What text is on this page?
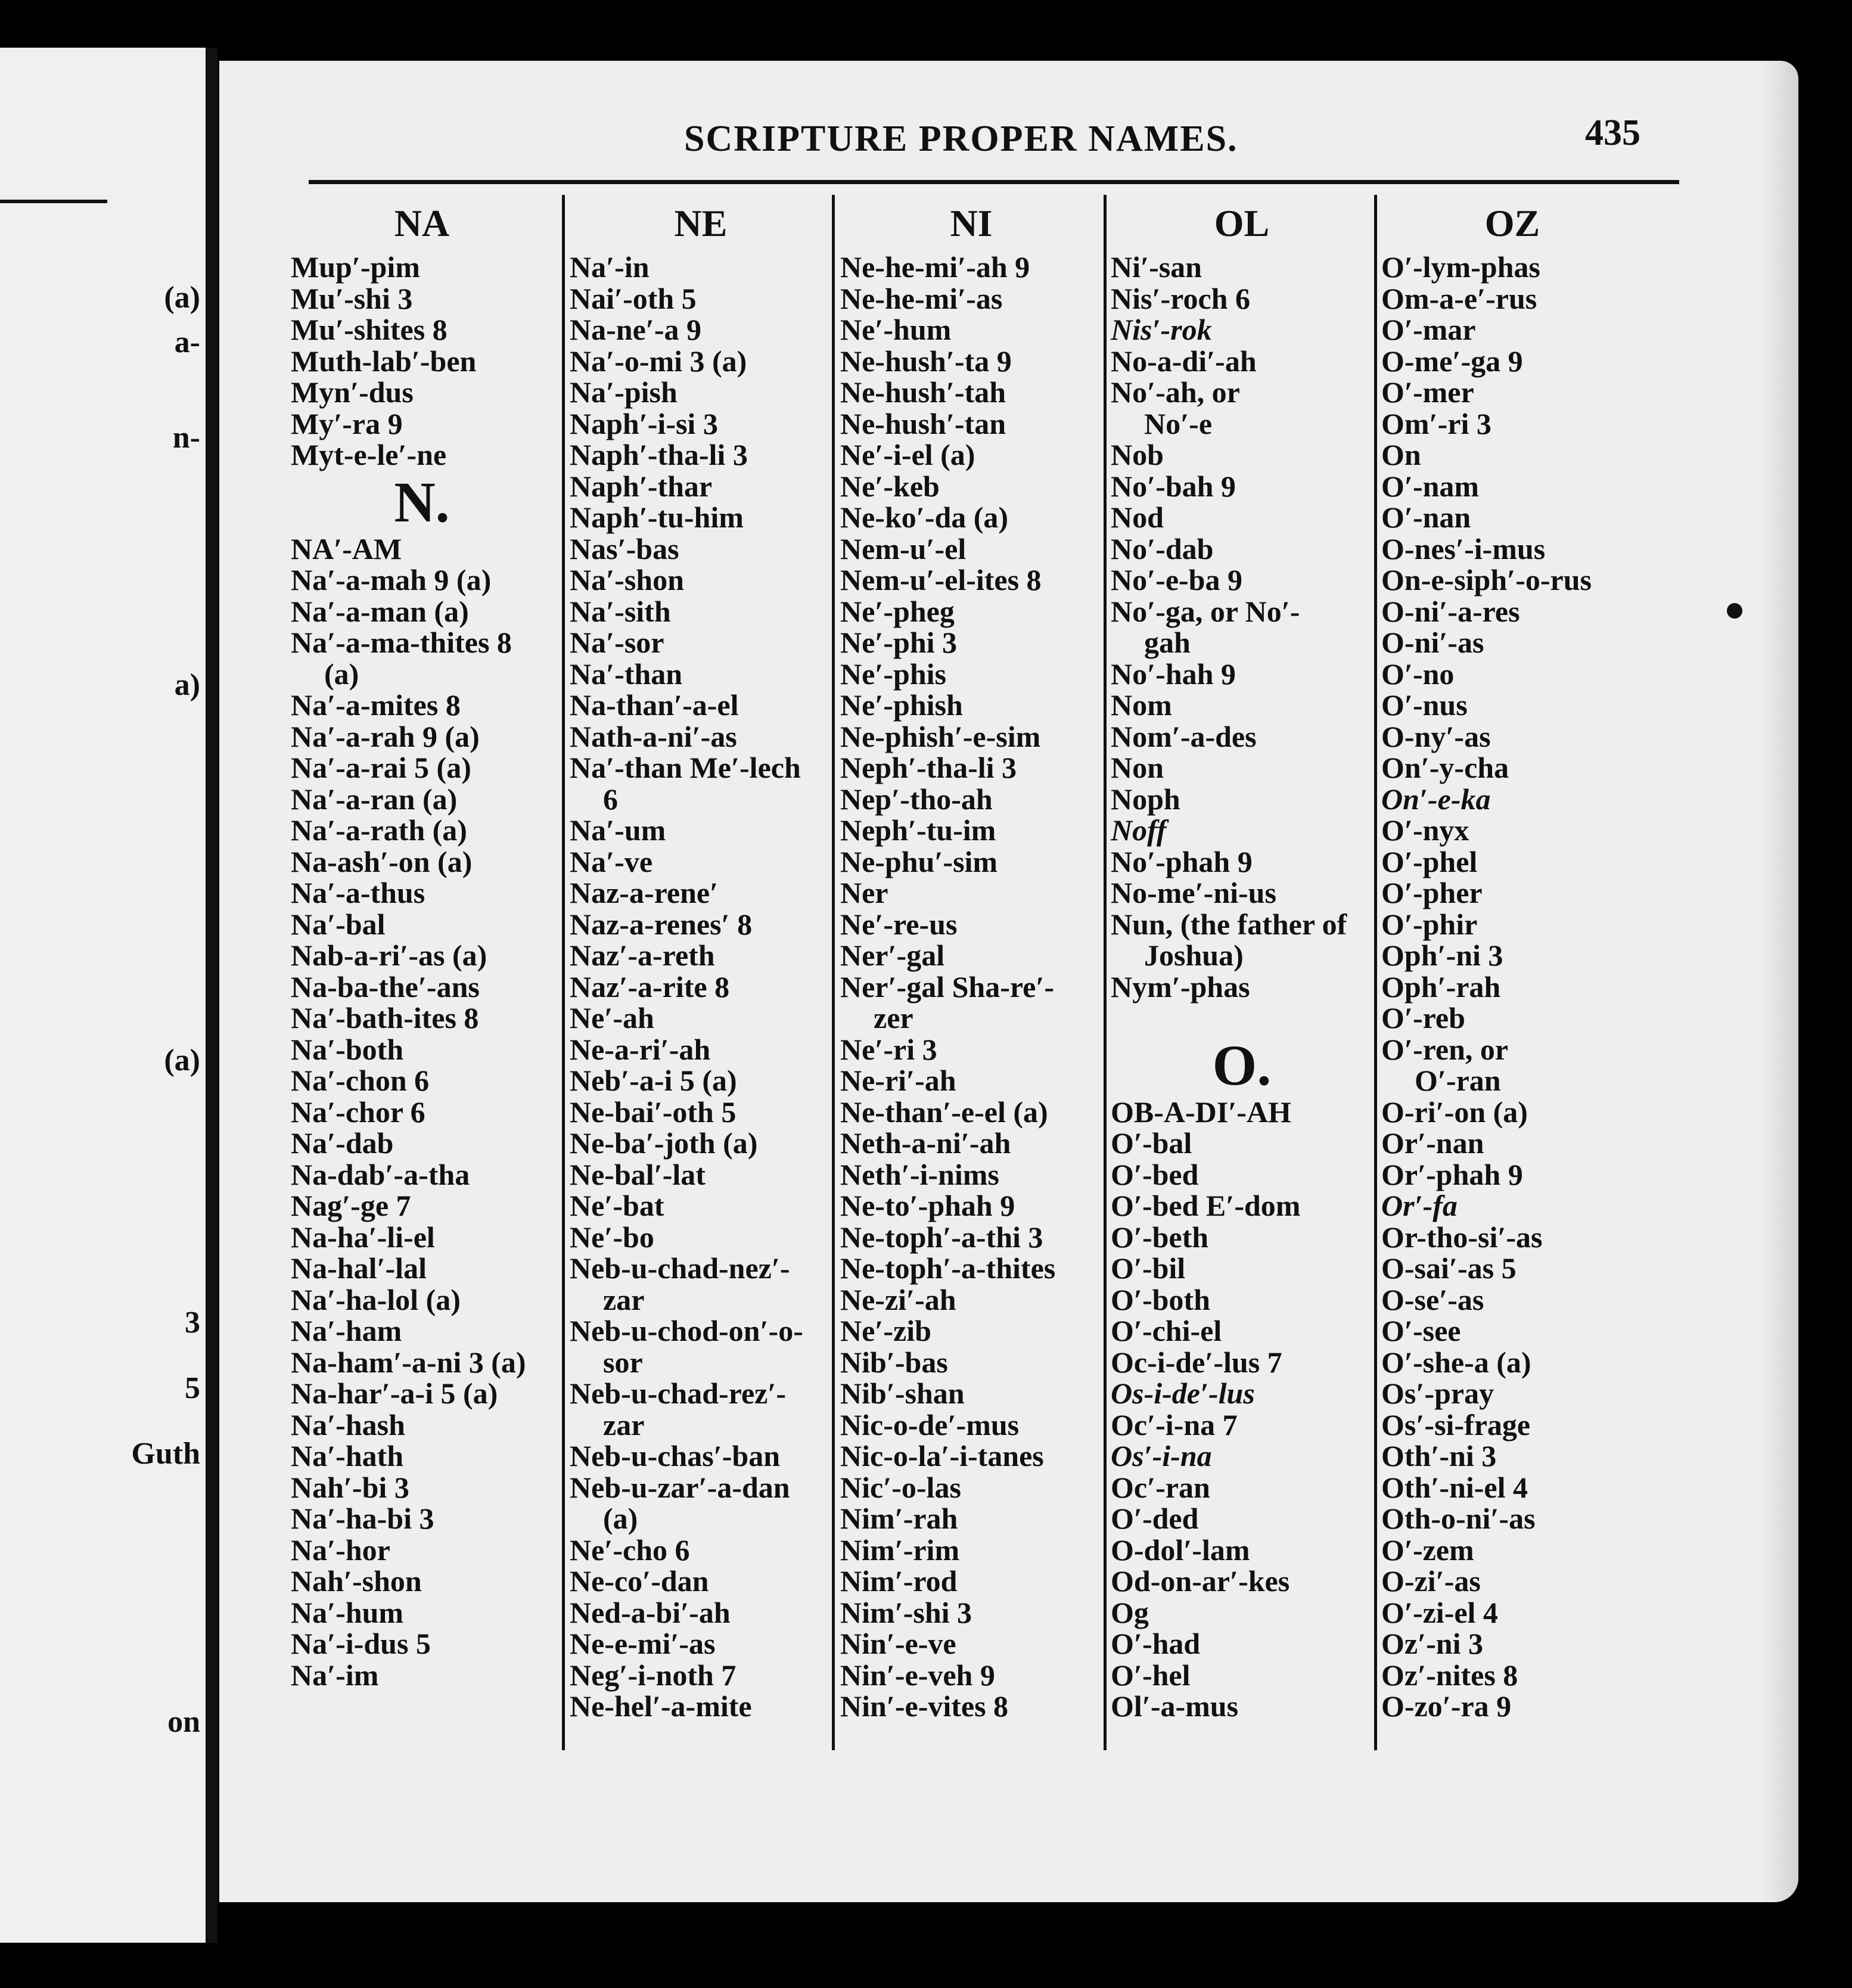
(a)
a-
n-
a)
(a)
3
5
Guth
on
SCRIPTURE PROPER NAMES.	435
NA
Mup′-pim
Mu′-shi 3
Mu′-shites 8
Muth-lab′-ben
Myn′-dus
My′-ra 9
Myt-e-le′-ne
N.
NA′-AM
Na′-a-mah 9 (a)
Na′-a-man (a)
Na′-a-ma-thites 8
(a)
Na′-a-mites 8
Na′-a-rah 9 (a)
Na′-a-rai 5 (a)
Na′-a-ran (a)
Na′-a-rath (a)
Na-ash′-on (a)
Na′-a-thus
Na′-bal
Nab-a-ri′-as (a)
Na-ba-the′-ans
Na′-bath-ites 8
Na′-both
Na′-chon 6
Na′-chor 6
Na′-dab
Na-dab′-a-tha
Nag′-ge 7
Na-ha′-li-el
Na-hal′-lal
Na′-ha-lol (a)
Na′-ham
Na-ham′-a-ni 3 (a)
Na-har′-a-i 5 (a)
Na′-hash
Na′-hath
Nah′-bi 3
Na′-ha-bi 3
Na′-hor
Nah′-shon
Na′-hum
Na′-i-dus 5
Na′-im
NE
Na′-in
Nai′-oth 5
Na-ne′-a 9
Na′-o-mi 3 (a)
Na′-pish
Naph′-i-si 3
Naph′-tha-li 3
Naph′-thar
Naph′-tu-him
Nas′-bas
Na′-shon
Na′-sith
Na′-sor
Na′-than
Na-than′-a-el
Nath-a-ni′-as
Na′-than Me′-lech
6
Na′-um
Na′-ve
Naz-a-rene′
Naz-a-renes′ 8
Naz′-a-reth
Naz′-a-rite 8
Ne′-ah
Ne-a-ri′-ah
Neb′-a-i 5 (a)
Ne-bai′-oth 5
Ne-ba′-joth (a)
Ne-bal′-lat
Ne′-bat
Ne′-bo
Neb-u-chad-nez′-
zar
Neb-u-chod-on′-o-
sor
Neb-u-chad-rez′-
zar
Neb-u-chas′-ban
Neb-u-zar′-a-dan
(a)
Ne′-cho 6
Ne-co′-dan
Ned-a-bi′-ah
Ne-e-mi′-as
Neg′-i-noth 7
Ne-hel′-a-mite
NI
Ne-he-mi′-ah 9
Ne-he-mi′-as
Ne′-hum
Ne-hush′-ta 9
Ne-hush′-tah
Ne-hush′-tan
Ne′-i-el (a)
Ne′-keb
Ne-ko′-da (a)
Nem-u′-el
Nem-u′-el-ites 8
Ne′-pheg
Ne′-phi 3
Ne′-phis
Ne′-phish
Ne-phish′-e-sim
Neph′-tha-li 3
Nep′-tho-ah
Neph′-tu-im
Ne-phu′-sim
Ner
Ne′-re-us
Ner′-gal
Ner′-gal Sha-re′-
zer
Ne′-ri 3
Ne-ri′-ah
Ne-than′-e-el (a)
Neth-a-ni′-ah
Neth′-i-nims
Ne-to′-phah 9
Ne-toph′-a-thi 3
Ne-toph′-a-thites
Ne-zi′-ah
Ne′-zib
Nib′-bas
Nib′-shan
Nic-o-de′-mus
Nic-o-la′-i-tanes
Nic′-o-las
Nim′-rah
Nim′-rim
Nim′-rod
Nim′-shi 3
Nin′-e-ve
Nin′-e-veh 9
Nin′-e-vites 8
OL
Ni′-san
Nis′-roch 6
Nis′-rok
No-a-di′-ah
No′-ah, or
No′-e
Nob
No′-bah 9
Nod
No′-dab
No′-e-ba 9
No′-ga, or No′-
gah
No′-hah 9
Nom
Nom′-a-des
Non
Noph
Noff
No′-phah 9
No-me′-ni-us
Nun, (the father of
Joshua)
Nym′-phas
O.
OB-A-DI′-AH
O′-bal
O′-bed
O′-bed E′-dom
O′-beth
O′-bil
O′-both
O′-chi-el
Oc-i-de′-lus 7
Os-i-de′-lus
Oc′-i-na 7
Os′-i-na
Oc′-ran
O′-ded
O-dol′-lam
Od-on-ar′-kes
Og
O′-had
O′-hel
Ol′-a-mus
OZ
O′-lym-phas
Om-a-e′-rus
O′-mar
O-me′-ga 9
O′-mer
Om′-ri 3
On
O′-nam
O′-nan
O-nes′-i-mus
On-e-siph′-o-rus
O-ni′-a-res
O-ni′-as
O′-no
O′-nus
O-ny′-as
On′-y-cha
On′-e-ka
O′-nyx
O′-phel
O′-pher
O′-phir
Oph′-ni 3
Oph′-rah
O′-reb
O′-ren, or
O′-ran
O-ri′-on (a)
Or′-nan
Or′-phah 9
Or′-fa
Or-tho-si′-as
O-sai′-as 5
O-se′-as
O′-see
O′-she-a (a)
Os′-pray
Os′-si-frage
Oth′-ni 3
Oth′-ni-el 4
Oth-o-ni′-as
O′-zem
O-zi′-as
O′-zi-el 4
Oz′-ni 3
Oz′-nites 8
O-zo′-ra 9
